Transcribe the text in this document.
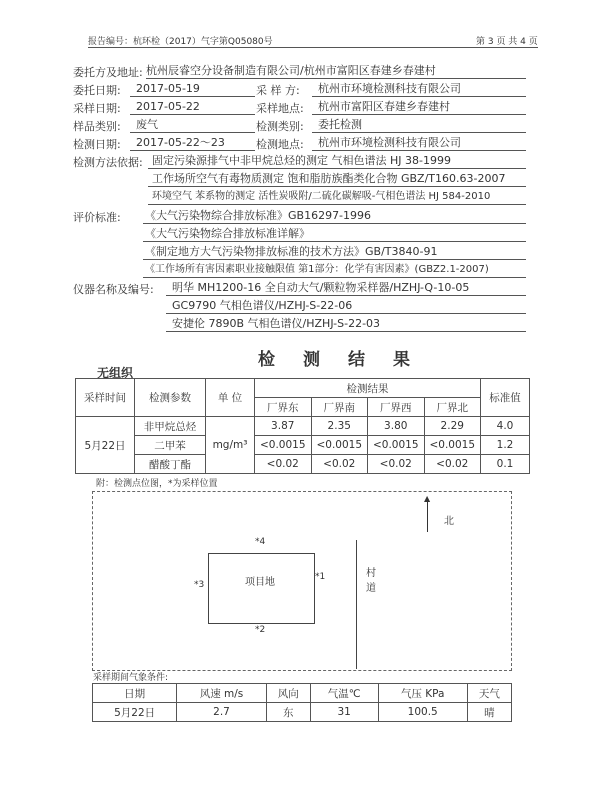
报告编号：杭环检（2017）气字第Q05080号	第 3 页 共 4 页
委托方及地址: 杭州辰睿空分设备制造有限公司/杭州市富阳区春建乡春建村
委托日期:	2017-05-19	采 样 方:	杭州市环境检测科技有限公司
采样日期:	2017-05-22	采样地点:	杭州市富阳区春建乡春建村
样品类别:	废气	检测类别:	委托检测
检测日期:	2017-05-22～23	检测地点:	杭州市环境检测科技有限公司
检测方法依据: 固定污染源排气中非甲烷总烃的测定 气相色谱法 HJ 38-1999
工作场所空气有毒物质测定 饱和脂肪族酯类化合物 GBZ/T160.63-2007
环境空气 苯系物的测定 活性炭吸附/二硫化碳解吸-气相色谱法 HJ 584-2010
评价标准: 《大气污染物综合排放标准》GB16297-1996
《大气污染物综合排放标准详解》
《制定地方大气污染物排放标准的技术方法》GB/T3840-91
《工作场所有害因素职业接触限值 第1部分：化学有害因素》(GBZ2.1-2007)
仪器名称及编号:	明华 MH1200-16 全自动大气/颗粒物采样器/HZHJ-Q-10-05
GC9790 气相色谱仪/HZHJ-S-22-06
安捷伦 7890B 气相色谱仪/HZHJ-S-22-03
检测结果
无组织
采样时间	检测参数	单 位	检测结果				标准值
			厂界东	厂界南	厂界西	厂界北	
5月22日	非甲烷总烃	mg/m³	3.87	2.35	3.80	2.29	4.0
	二甲苯		<0.0015	<0.0015	<0.0015	<0.0015	1.2
	醋酸丁酯		<0.02	<0.02	<0.02	<0.02	0.1
附：检测点位图，*为采样位置
项目地	*1
*2
*3
*4
村道
▲
北
采样期间气象条件:
日期	风速 m/s	风向	气温℃	气压 KPa	天气
5月22日	2.7	东	31	100.5	晴
